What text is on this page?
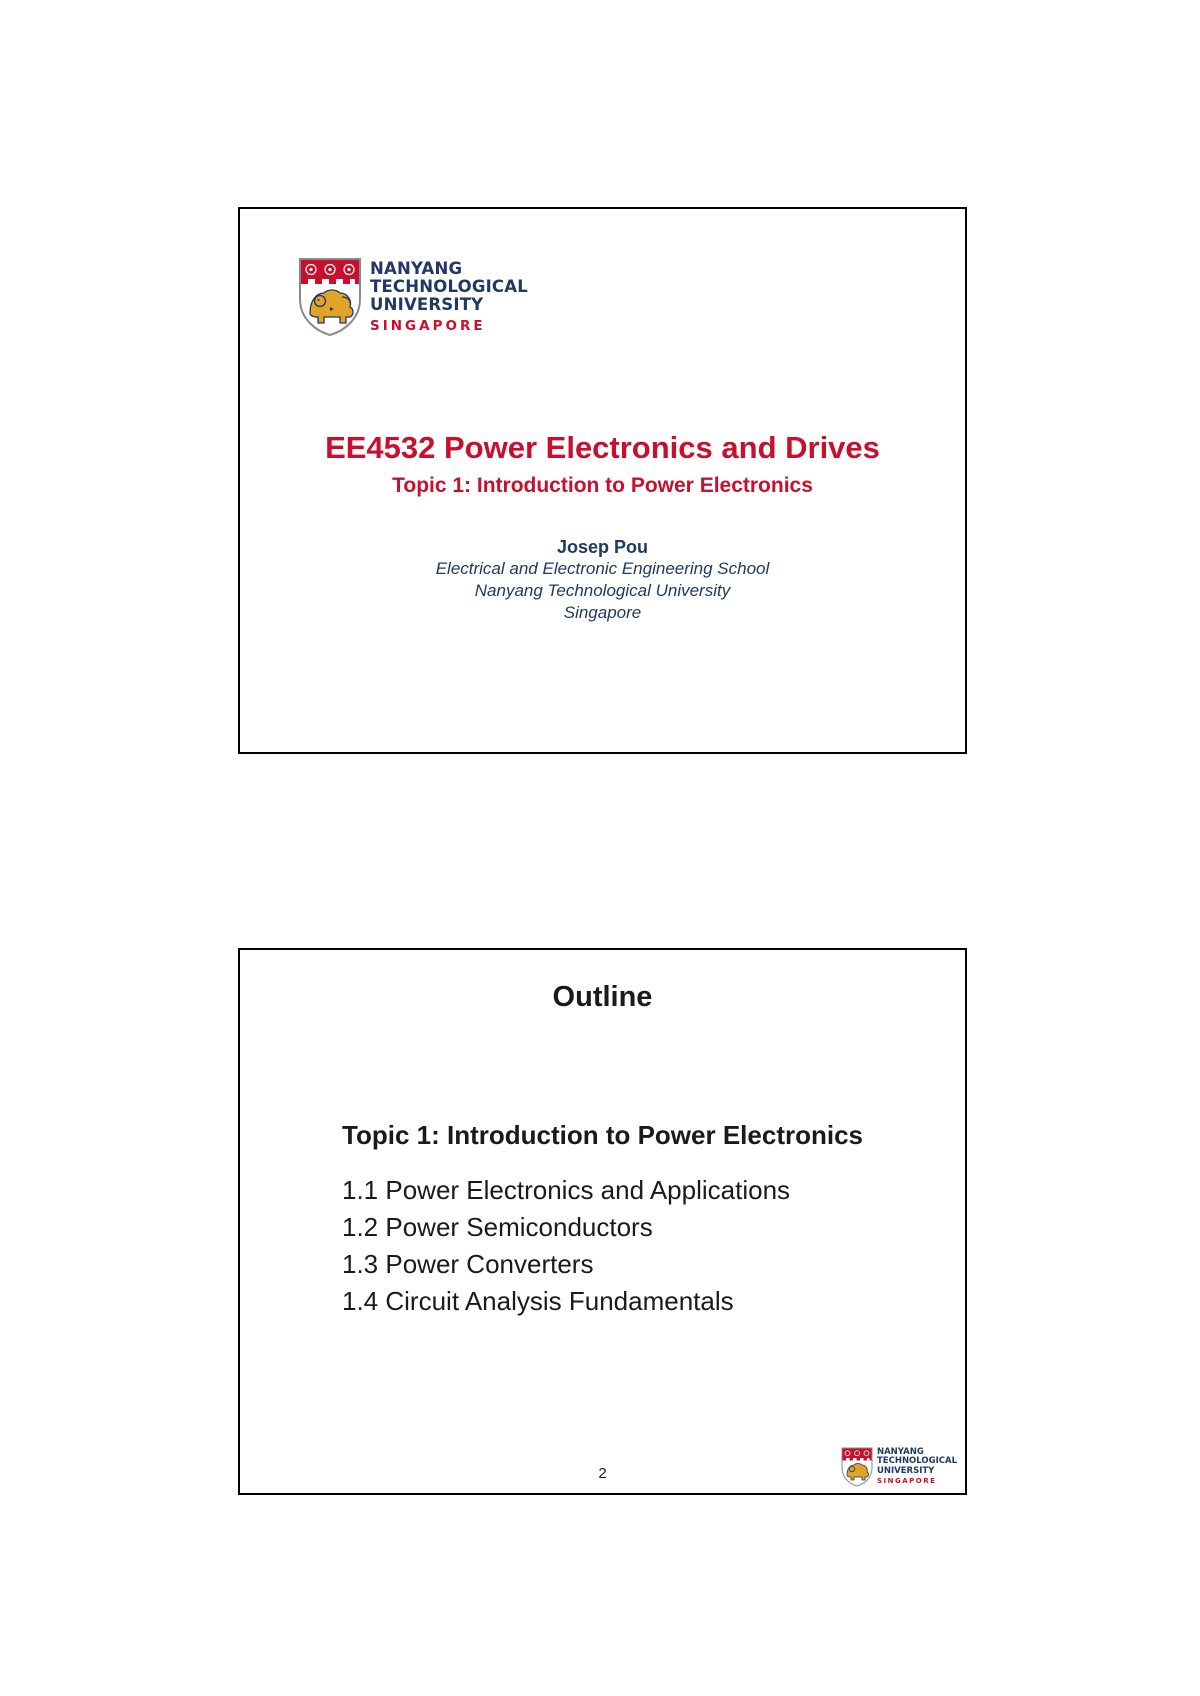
NANYANG
TECHNOLOGICAL
UNIVERSITY
SINGAPORE
EE4532 Power Electronics and Drives
Topic 1: Introduction to Power Electronics
Josep Pou
Electrical and Electronic Engineering School
Nanyang Technological University
Singapore
Outline
Topic 1: Introduction to Power Electronics
1.1 Power Electronics and Applications
1.2 Power Semiconductors
1.3 Power Converters
1.4 Circuit Analysis Fundamentals
2
NANYANG
TECHNOLOGICAL
UNIVERSITY
SINGAPORE
